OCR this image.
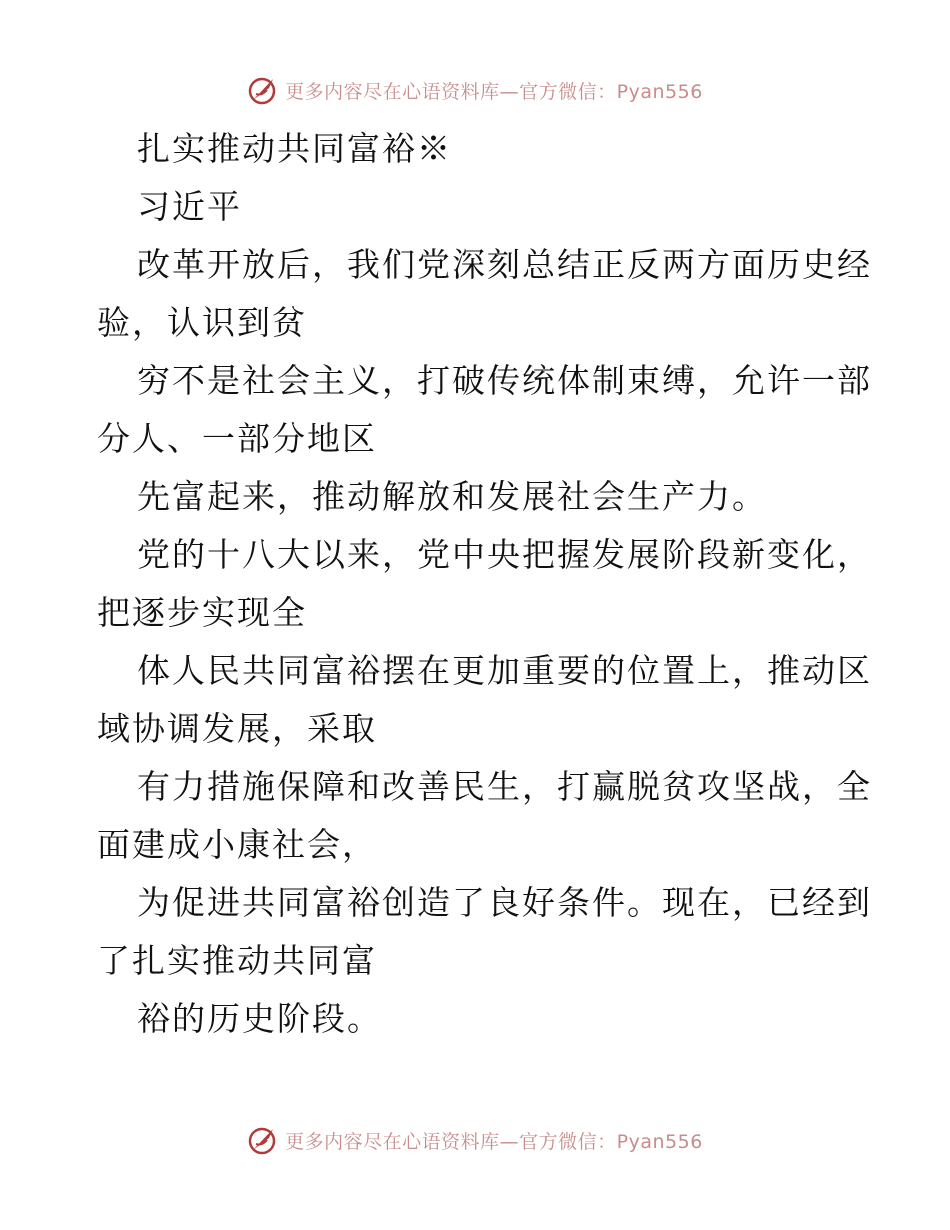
更多内容尽在心语资料库—官方微信：Pyan556
扎实推动共同富裕※
习近平
改革开放后，我们党深刻总结正反两方面历史经
验，认识到贫
穷不是社会主义，打破传统体制束缚，允许一部
分人、一部分地区
先富起来，推动解放和发展社会生产力。
党的十八大以来，党中央把握发展阶段新变化，
把逐步实现全
体人民共同富裕摆在更加重要的位置上，推动区
域协调发展，采取
有力措施保障和改善民生，打赢脱贫攻坚战，全
面建成小康社会，
为促进共同富裕创造了良好条件。现在，已经到
了扎实推动共同富
裕的历史阶段。
更多内容尽在心语资料库—官方微信：Pyan556
